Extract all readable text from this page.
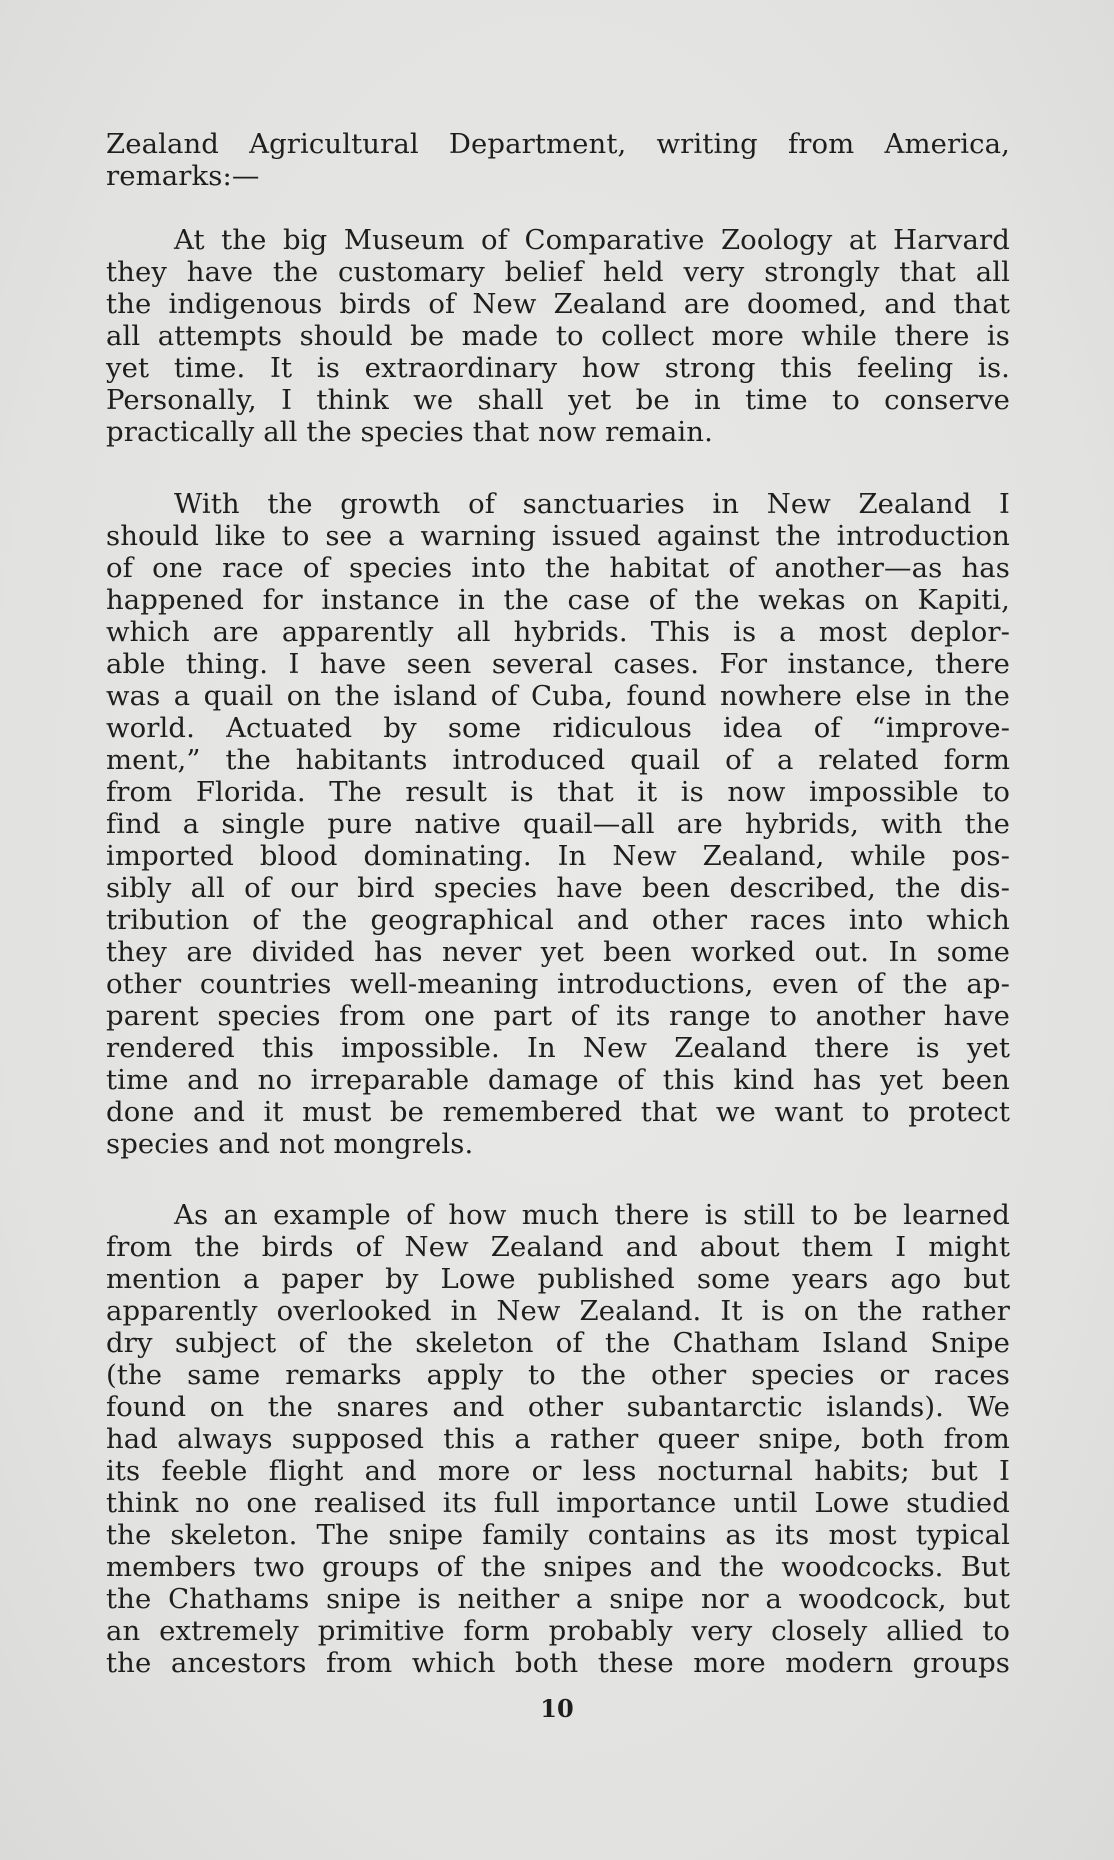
Zealand Agricultural Department, writing from America,
remarks:—
At the big Museum of Comparative Zoology at Harvard
they have the customary belief held very strongly that all
the indigenous birds of New Zealand are doomed, and that
all attempts should be made to collect more while there is
yet time. It is extraordinary how strong this feeling is.
Personally, I think we shall yet be in time to conserve
practically all the species that now remain.
With the growth of sanctuaries in New Zealand I
should like to see a warning issued against the introduction
of one race of species into the habitat of another—as has
happened for instance in the case of the wekas on Kapiti,
which are apparently all hybrids. This is a most deplor-
able thing. I have seen several cases. For instance, there
was a quail on the island of Cuba, found nowhere else in the
world. Actuated by some ridiculous idea of “improve-
ment,” the habitants introduced quail of a related form
from Florida. The result is that it is now impossible to
find a single pure native quail—all are hybrids, with the
imported blood dominating. In New Zealand, while pos-
sibly all of our bird species have been described, the dis-
tribution of the geographical and other races into which
they are divided has never yet been worked out. In some
other countries well-meaning introductions, even of the ap-
parent species from one part of its range to another have
rendered this impossible. In New Zealand there is yet
time and no irreparable damage of this kind has yet been
done and it must be remembered that we want to protect
species and not mongrels.
As an example of how much there is still to be learned
from the birds of New Zealand and about them I might
mention a paper by Lowe published some years ago but
apparently overlooked in New Zealand. It is on the rather
dry subject of the skeleton of the Chatham Island Snipe
(the same remarks apply to the other species or races
found on the snares and other subantarctic islands). We
had always supposed this a rather queer snipe, both from
its feeble flight and more or less nocturnal habits; but I
think no one realised its full importance until Lowe studied
the skeleton. The snipe family contains as its most typical
members two groups of the snipes and the woodcocks. But
the Chathams snipe is neither a snipe nor a woodcock, but
an extremely primitive form probably very closely allied to
the ancestors from which both these more modern groups
10
